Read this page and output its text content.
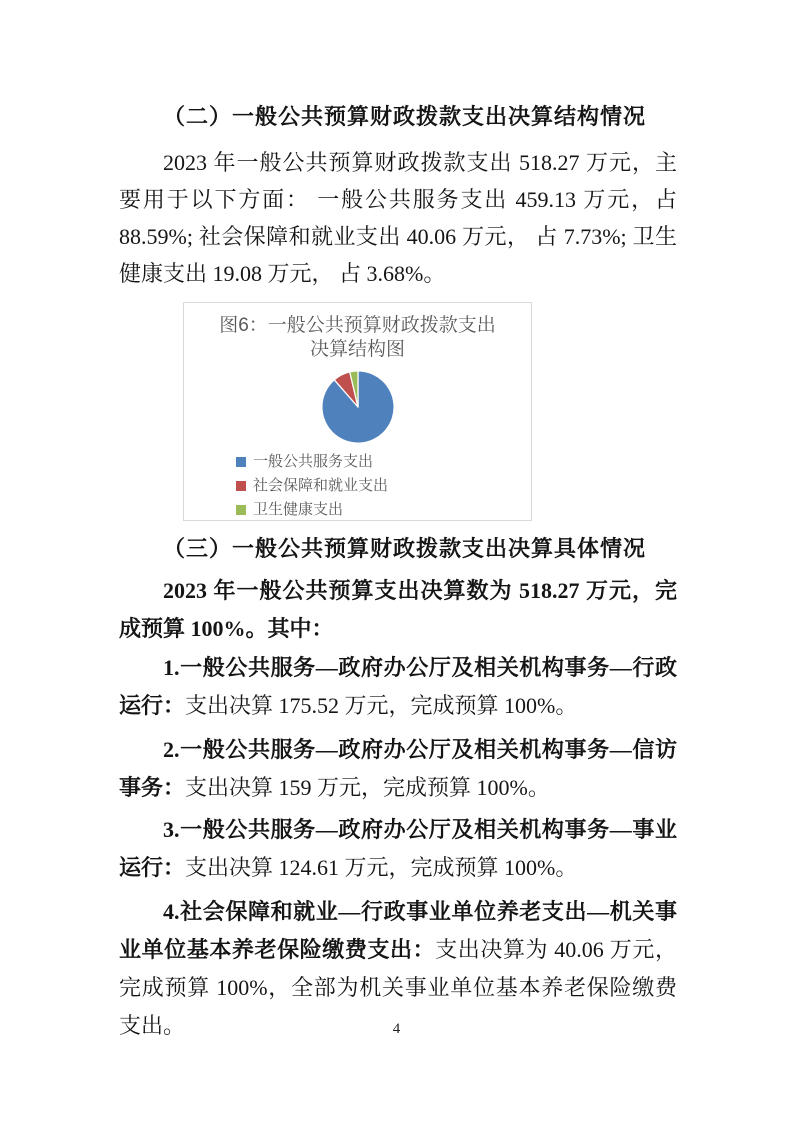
（二）一般公共预算财政拨款支出决算结构情况
2023 年一般公共预算财政拨款支出 518.27 万元，主要用于以下方面： 一般公共服务支出 459.13 万元，占 88.59%; 社会保障和就业支出 40.06 万元， 占 7.73%; 卫生健康支出 19.08 万元， 占 3.68%。
图6：一般公共预算财政拨款支出决算结构图
一般公共服务支出
社会保障和就业支出
卫生健康支出
（三）一般公共预算财政拨款支出决算具体情况
2023 年一般公共预算支出决算数为 518.27 万元，完成预算 100%。其中：
1.一般公共服务—政府办公厅及相关机构事务—行政运行：支出决算 175.52 万元，完成预算 100%。
2.一般公共服务—政府办公厅及相关机构事务—信访事务：支出决算 159 万元，完成预算 100%。
3.一般公共服务—政府办公厅及相关机构事务—事业运行：支出决算 124.61 万元，完成预算 100%。
4.社会保障和就业—行政事业单位养老支出—机关事业单位基本养老保险缴费支出：支出决算为 40.06 万元，完成预算 100%，全部为机关事业单位基本养老保险缴费支出。	4
